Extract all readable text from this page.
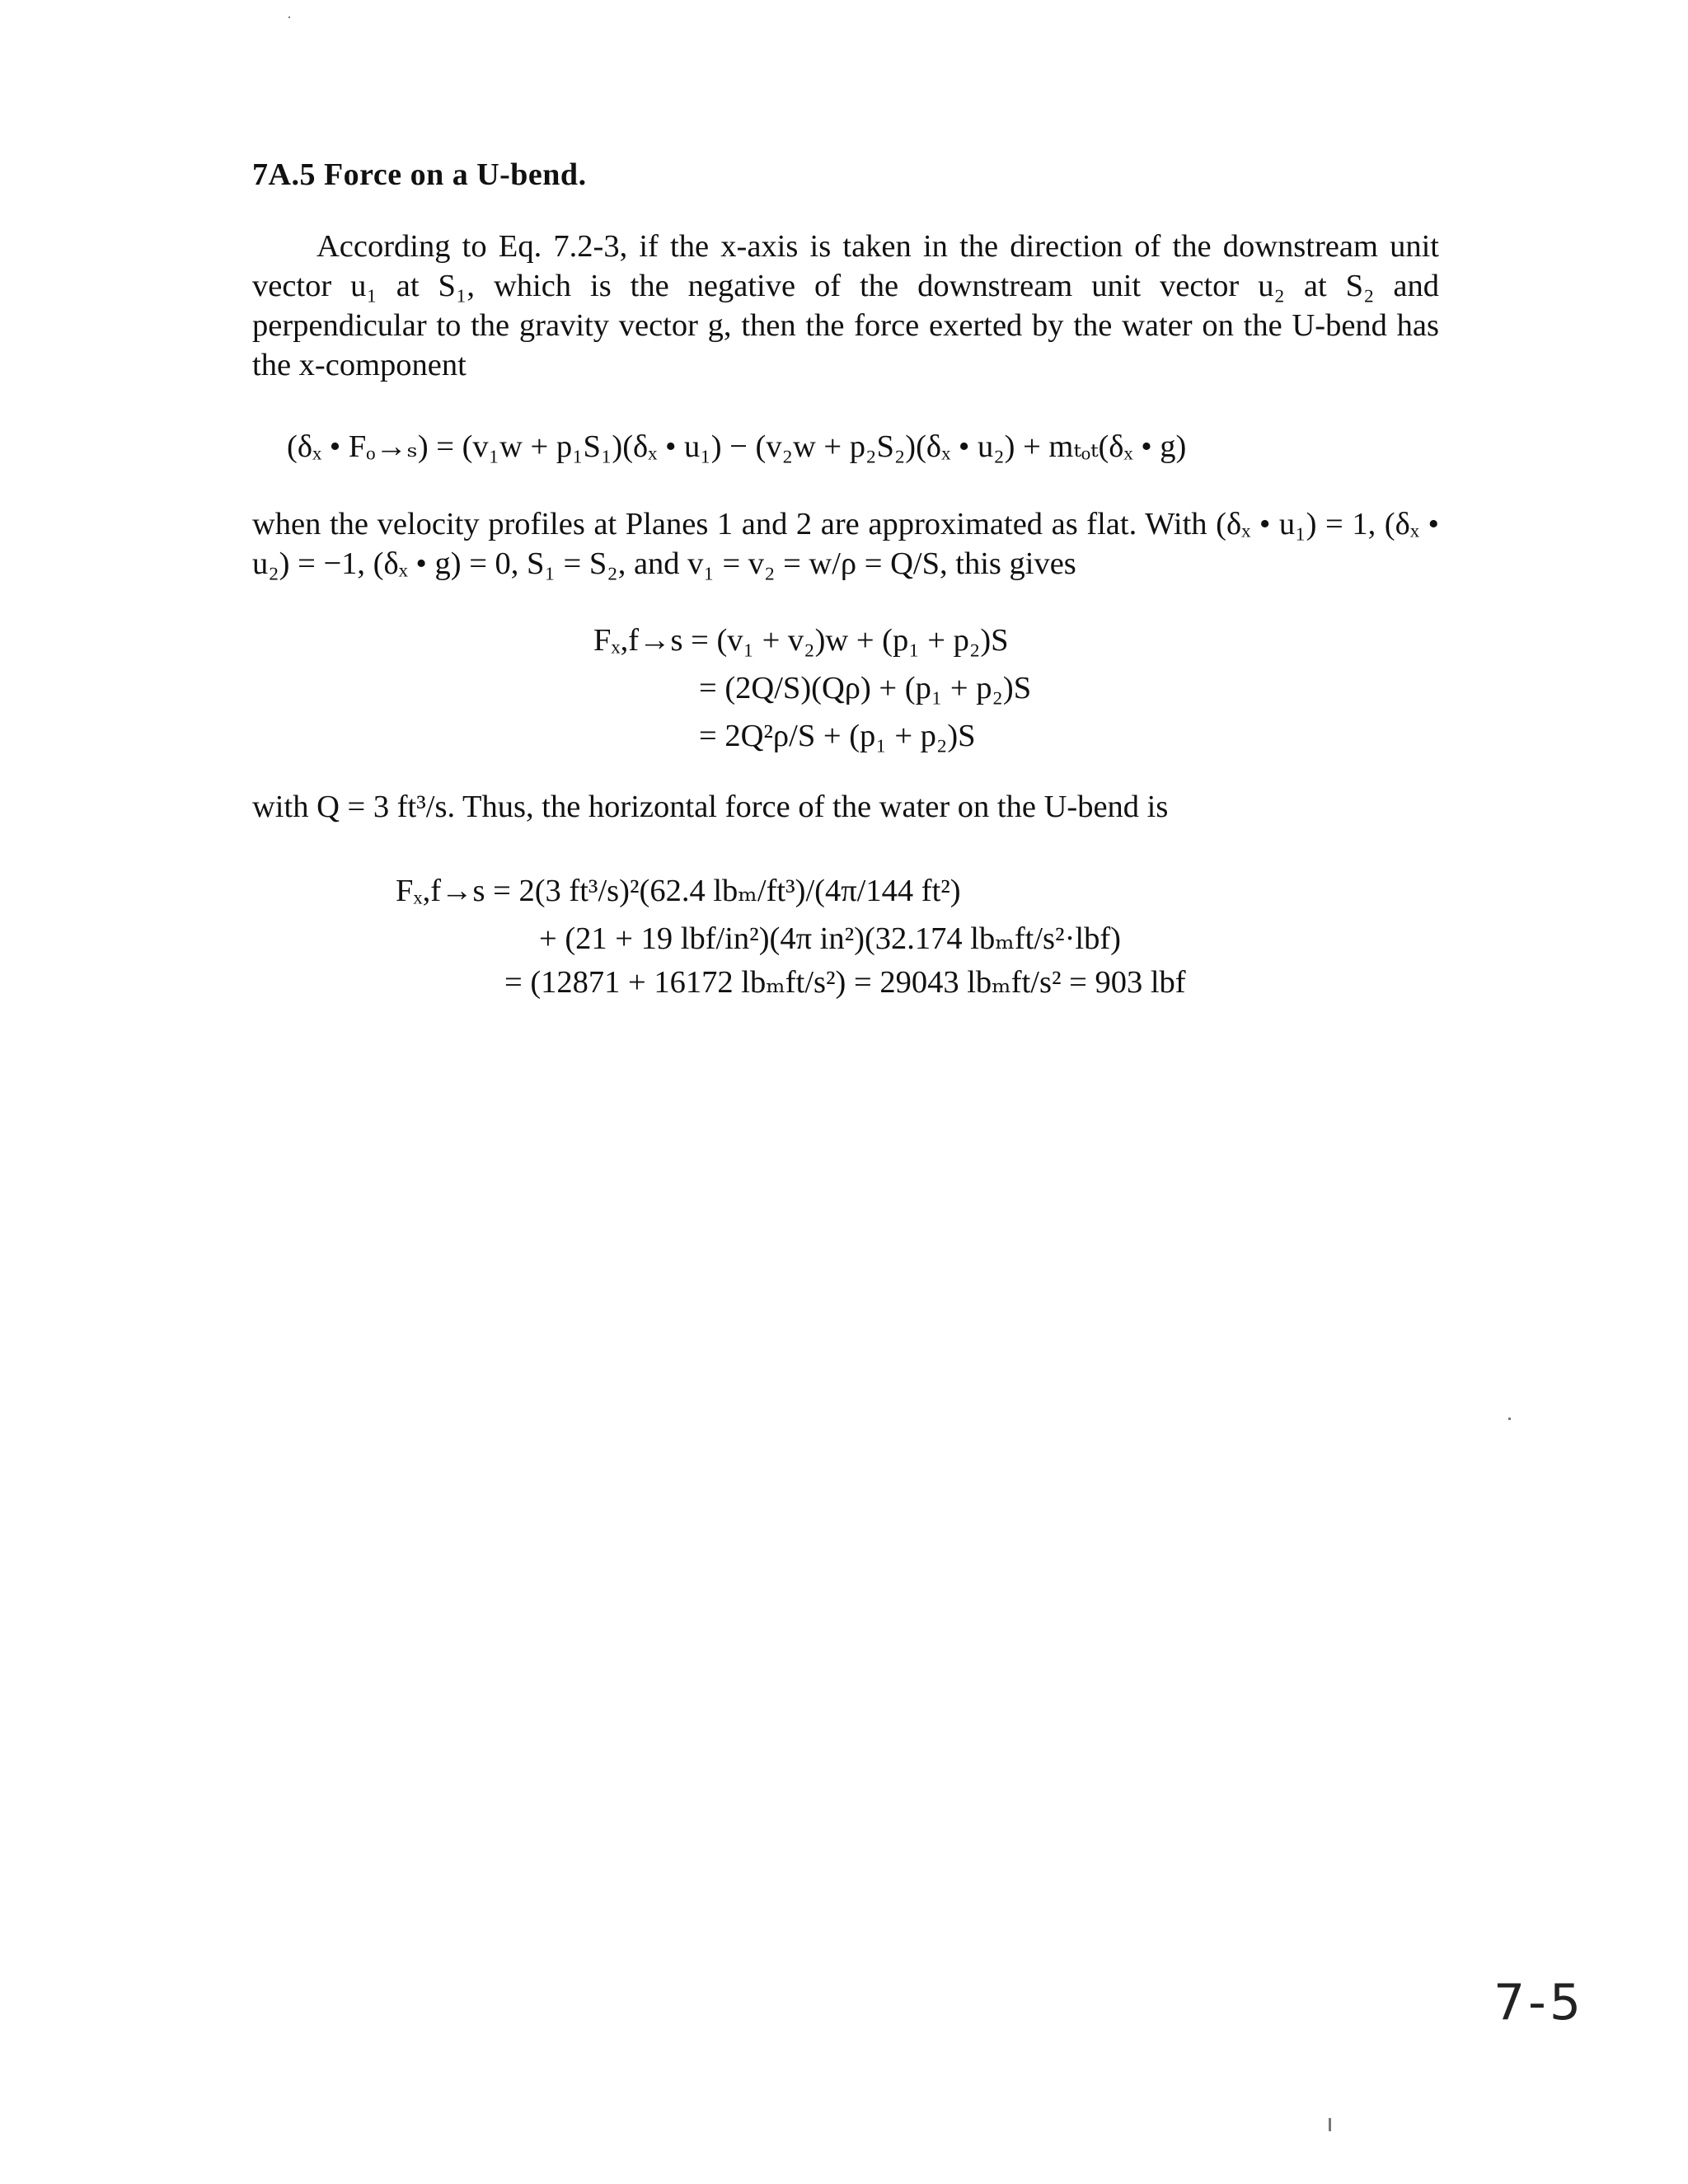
7A.5 Force on a U-bend.
According to Eq. 7.2-3, if the x-axis is taken in the direction of the downstream unit vector u₁ at S₁, which is the negative of the downstream unit vector u₂ at S₂ and perpendicular to the gravity vector g, then the force exerted by the water on the U-bend has the x-component
(δₓ • Fₒ→ₛ) = (v₁w + p₁S₁)(δₓ • u₁) − (v₂w + p₂S₂)(δₓ • u₂) + mₜₒₜ(δₓ • g)
when the velocity profiles at Planes 1 and 2 are approximated as flat. With (δₓ • u₁) = 1, (δₓ • u₂) = −1, (δₓ • g) = 0, S₁ = S₂, and v₁ = v₂ = w/ρ = Q/S, this gives
Fₓ,f→s = (v₁ + v₂)w + (p₁ + p₂)S
= (2Q/S)(Qρ) + (p₁ + p₂)S
= 2Q²ρ/S + (p₁ + p₂)S
with Q = 3 ft³/s. Thus, the horizontal force of the water on the U-bend is
Fₓ,f→s = 2(3 ft³/s)²(62.4 lbₘ/ft³)/(4π/144 ft²)
+ (21 + 19 lbf/in²)(4π in²)(32.174 lbₘft/s²·lbf)
= (12871 + 16172 lbₘft/s²) = 29043 lbₘft/s² = 903 lbf
7-5
